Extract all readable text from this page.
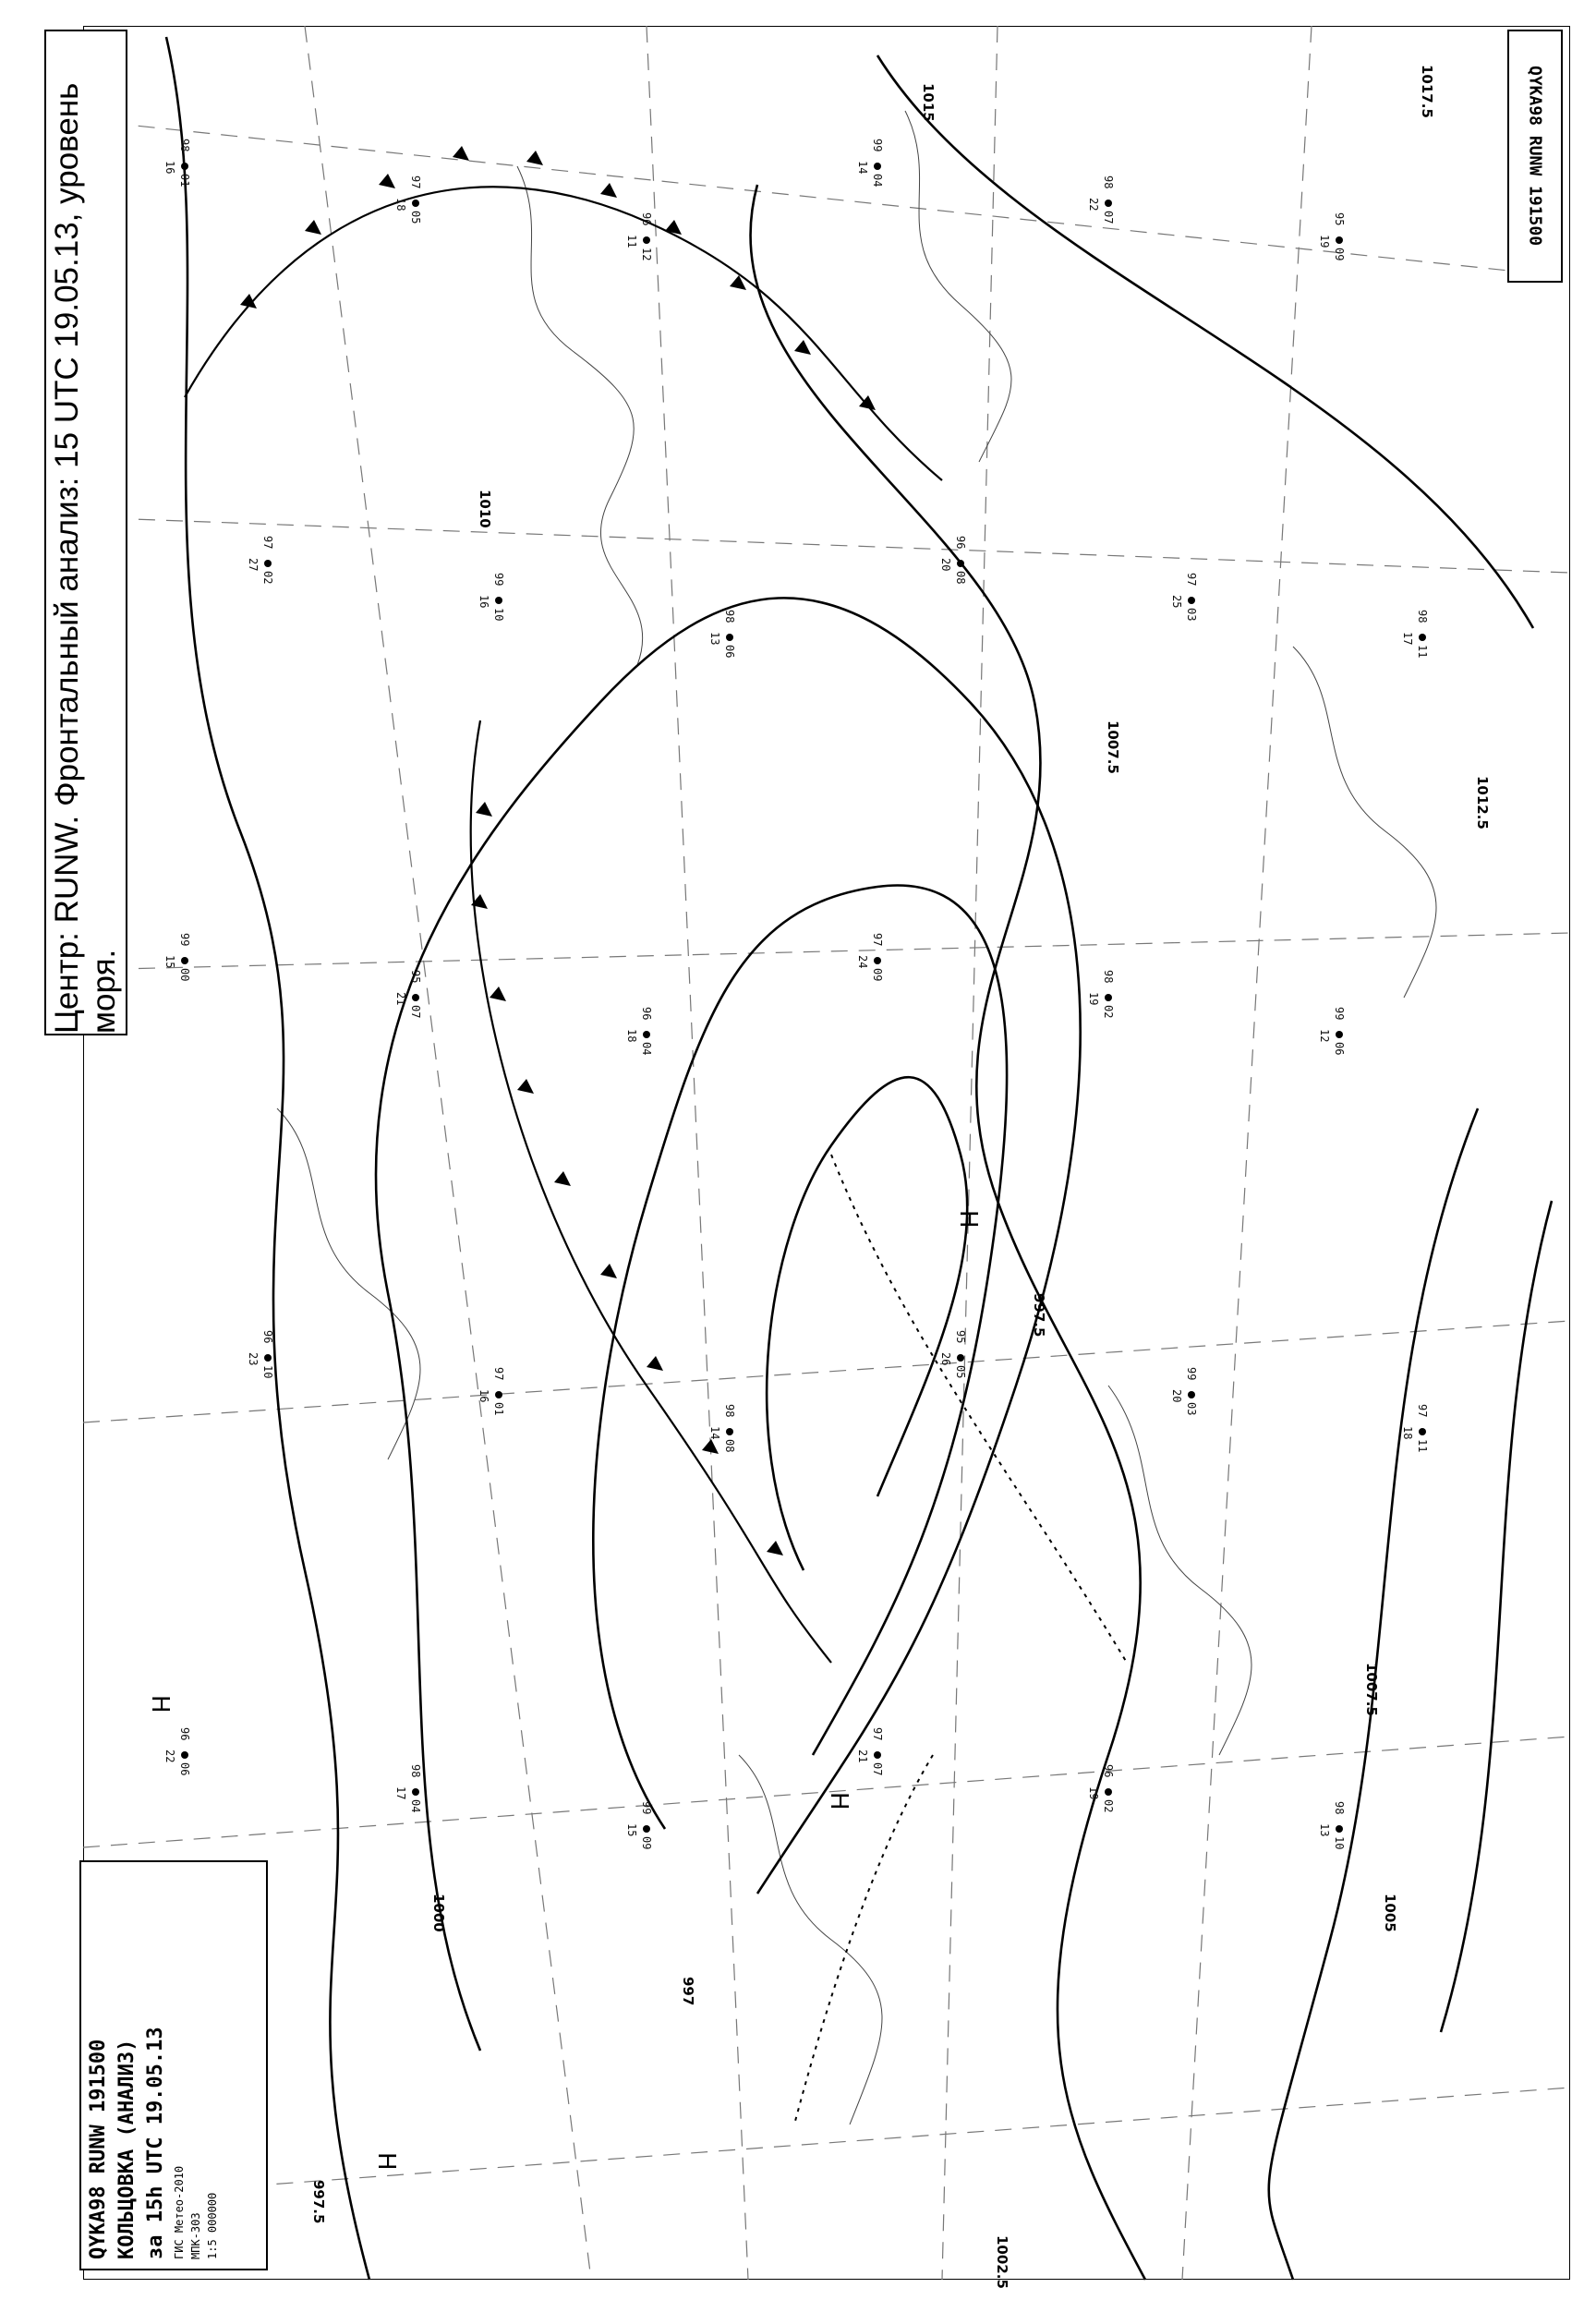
1015	1017.5
1012.5
1010
1007.5
997.5
1000	1005
997
997.5
1007.5
1002.5
Н
Н
Н
Н
98
01
16
97
05
18
96
12
11
99
04
14
98
07
22
95
09
19
97
02
27
99
10
16
98
06
13
96
08
20
97
03
25
98
11
17
99
00
15
95
07
21
96
04
18
97
09
24
98
02
19
99
06
12
96
10
23
97
01
16
98
08
14
95
05
26
99
03
20
97
11
18
96
06
22
98
04
17
99
09
15
97
07
21
96
02
19
98
10
13
Центр: RUNW. Фронтальный анализ: 15 UTC 19.05.13, уровень моря.
QYKA98 RUNW 191500
QYKA98 RUNW 191500 КОЛЬЦОВКА (АНАЛИЗ) за 15h UTC 19.05.13 ГИС Метео-2010 МПК-303 1:5 000000
